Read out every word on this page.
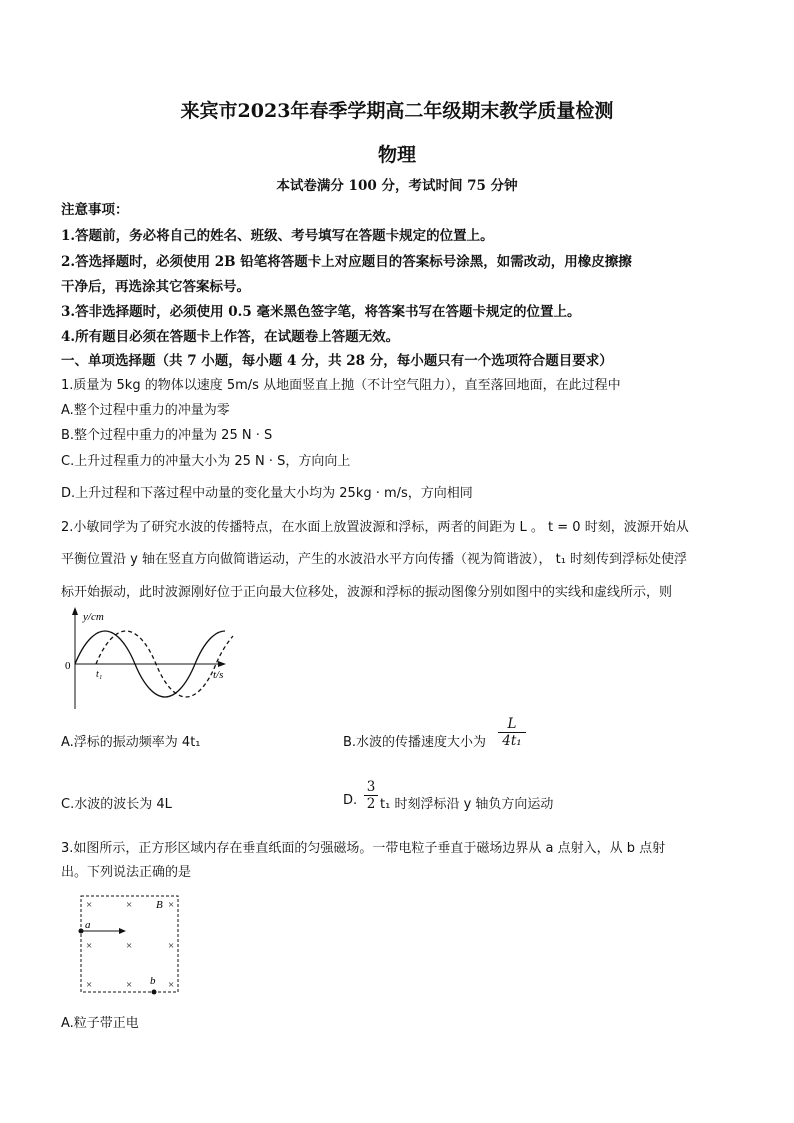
来宾市2023年春季学期高二年级期末教学质量检测
物理
本试卷满分 100 分，考试时间 75 分钟
注意事项：
1.答题前，务必将自己的姓名、班级、考号填写在答题卡规定的位置上。
2.答选择题时，必须使用 2B 铅笔将答题卡上对应题目的答案标号涂黑，如需改动，用橡皮擦擦
干净后，再选涂其它答案标号。
3.答非选择题时，必须使用 0.5 毫米黑色签字笔，将答案书写在答题卡规定的位置上。
4.所有题目必须在答题卡上作答，在试题卷上答题无效。
一、单项选择题（共 7 小题，每小题 4 分，共 28 分，每小题只有一个选项符合题目要求）
1.质量为 5kg 的物体以速度 5m/s 从地面竖直上抛（不计空气阻力），直至落回地面，在此过程中
A.整个过程中重力的冲量为零
B.整个过程中重力的冲量为 25 N · S
C.上升过程重力的冲量大小为 25 N · S，方向向上
D.上升过程和下落过程中动量的变化量大小均为 25kg · m/s，方向相同
2.小敏同学为了研究水波的传播特点，在水面上放置波源和浮标，两者的间距为 L 。 t = 0 时刻，波源开始从
平衡位置沿 y 轴在竖直方向做简谐运动，产生的水波沿水平方向传播（视为简谐波）， t₁ 时刻传到浮标处使浮
标开始振动，此时波源刚好位于正向最大位移处，波源和浮标的振动图像分别如图中的实线和虚线所示，则
y/cm
t/s
0
t₁
A.浮标的振动频率为 4t₁	B.水波的传播速度大小为 $\frac{L}{\text{4t₁}}$
C.水波的波长为 4L	D. $\frac{3}{2} t_1$ 时刻浮标沿 y 轴负方向运动
3.如图所示，正方形区域内存在垂直纸面的匀强磁场。一带电粒子垂直于磁场边界从 a 点射入，从 b 点射
出。下列说法正确的是
×	×
×	×	×
×	×
×
×
B
a
b
A.粒子带正电
